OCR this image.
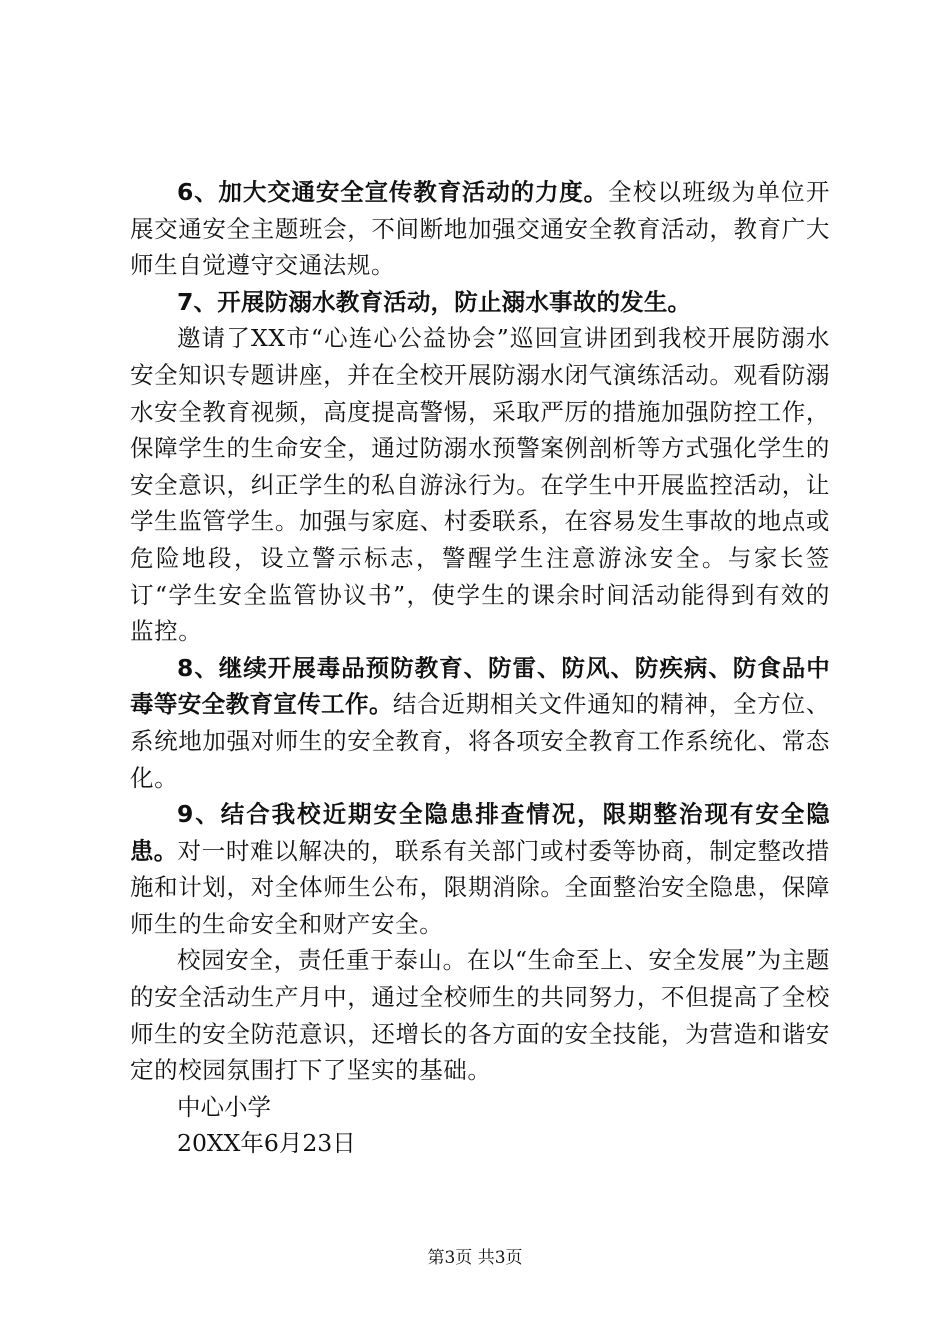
6、加大交通安全宣传教育活动的力度。全校以班级为单位开展交通安全主题班会，不间断地加强交通安全教育活动，教育广大师生自觉遵守交通法规。

7、开展防溺水教育活动，防止溺水事故的发生。

邀请了XX市“心连心公益协会”巡回宣讲团到我校开展防溺水安全知识专题讲座，并在全校开展防溺水闭气演练活动。观看防溺水安全教育视频，高度提高警惕，采取严厉的措施加强防控工作，保障学生的生命安全，通过防溺水预警案例剖析等方式强化学生的安全意识，纠正学生的私自游泳行为。在学生中开展监控活动，让学生监管学生。加强与家庭、村委联系，在容易发生事故的地点或危险地段，设立警示标志，警醒学生注意游泳安全。与家长签订“学生安全监管协议书”，使学生的课余时间活动能得到有效的监控。

8、继续开展毒品预防教育、防雷、防风、防疾病、防食品中毒等安全教育宣传工作。结合近期相关文件通知的精神，全方位、系统地加强对师生的安全教育，将各项安全教育工作系统化、常态化。

9、结合我校近期安全隐患排查情况，限期整治现有安全隐患。对一时难以解决的，联系有关部门或村委等协商，制定整改措施和计划，对全体师生公布，限期消除。全面整治安全隐患，保障师生的生命安全和财产安全。

校园安全，责任重于泰山。在以“生命至上、安全发展”为主题的安全活动生产月中，通过全校师生的共同努力，不但提高了全校师生的安全防范意识，还增长的各方面的安全技能，为营造和谐安定的校园氛围打下了坚实的基础。

中心小学

20XX年6月23日

第3页 共3页
